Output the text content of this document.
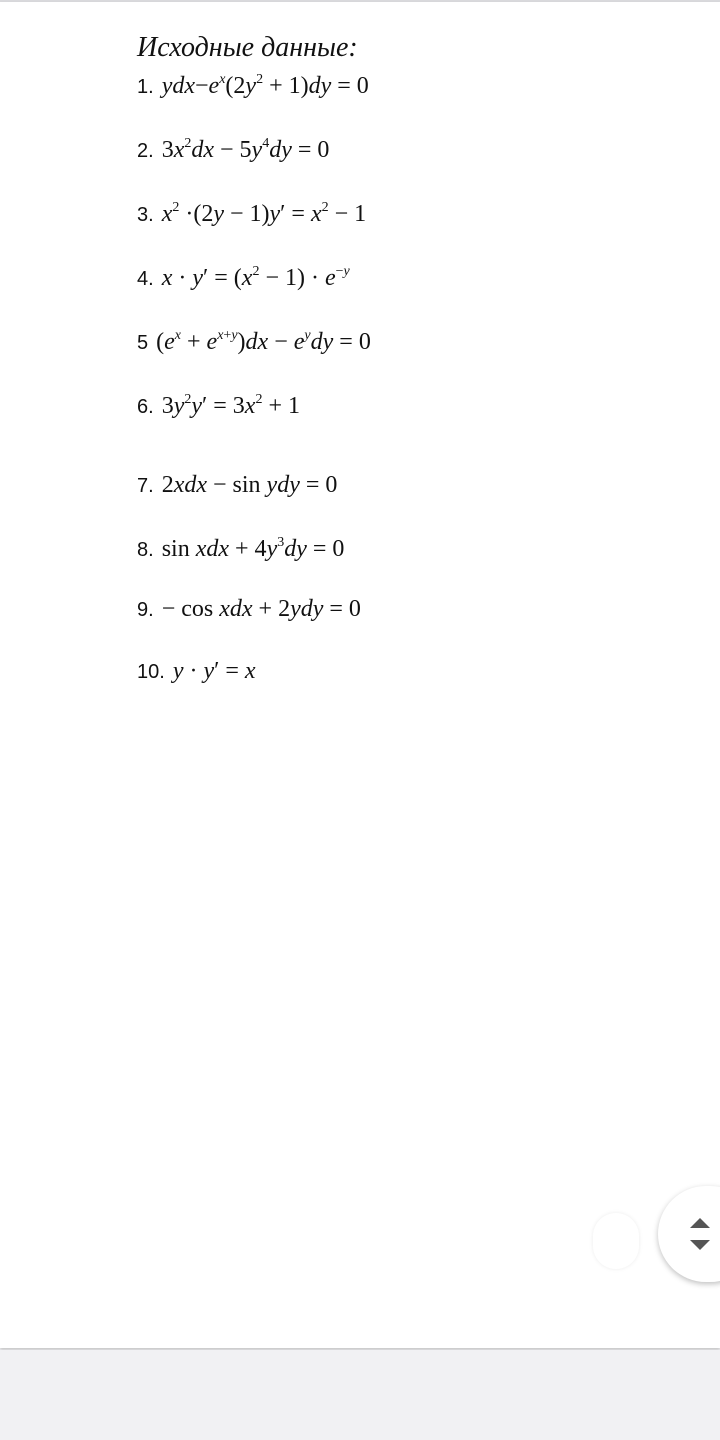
Исходные данные:
1. $ydx-e^x(2y^2 + 1)dy = 0$
2. $3x^2dx - 5y^4dy = 0$
3. $x^2 \cdot(2y - 1)y' = x^2 - 1$
4. $x \cdot y' = (x^2 - 1) \cdot e^{-y}$
5 $(e^x + e^{x+y})dx - e^ydy = 0$
6. $3y^2y' = 3x^2 + 1$
7. 2xdx − sin ydy = 0
8. sin xdx + $4y^3dy = 0$
9. − cos xdx + 2ydy = 0
10. y · y′ = x
